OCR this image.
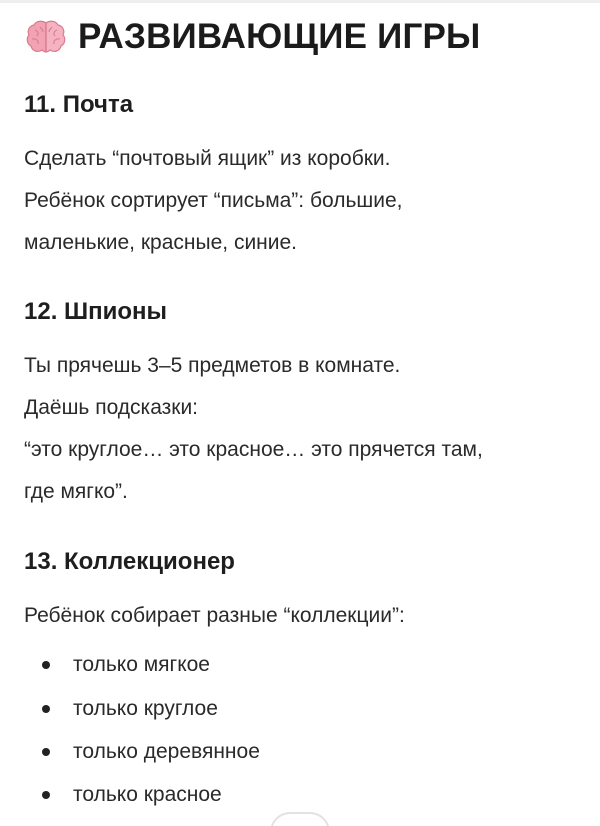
РАЗВИВАЮЩИЕ ИГРЫ
11. Почта
Сделать “почтовый ящик” из коробки.
Ребёнок сортирует “письма”: большие,
маленькие, красные, синие.
12. Шпионы
Ты прячешь 3–5 предметов в комнате.
Даёшь подсказки:
“это круглое… это красное… это прячется там,
где мягко”.
13. Коллекционер
Ребёнок собирает разные “коллекции”:
только мягкое
только круглое
только деревянное
только красное
